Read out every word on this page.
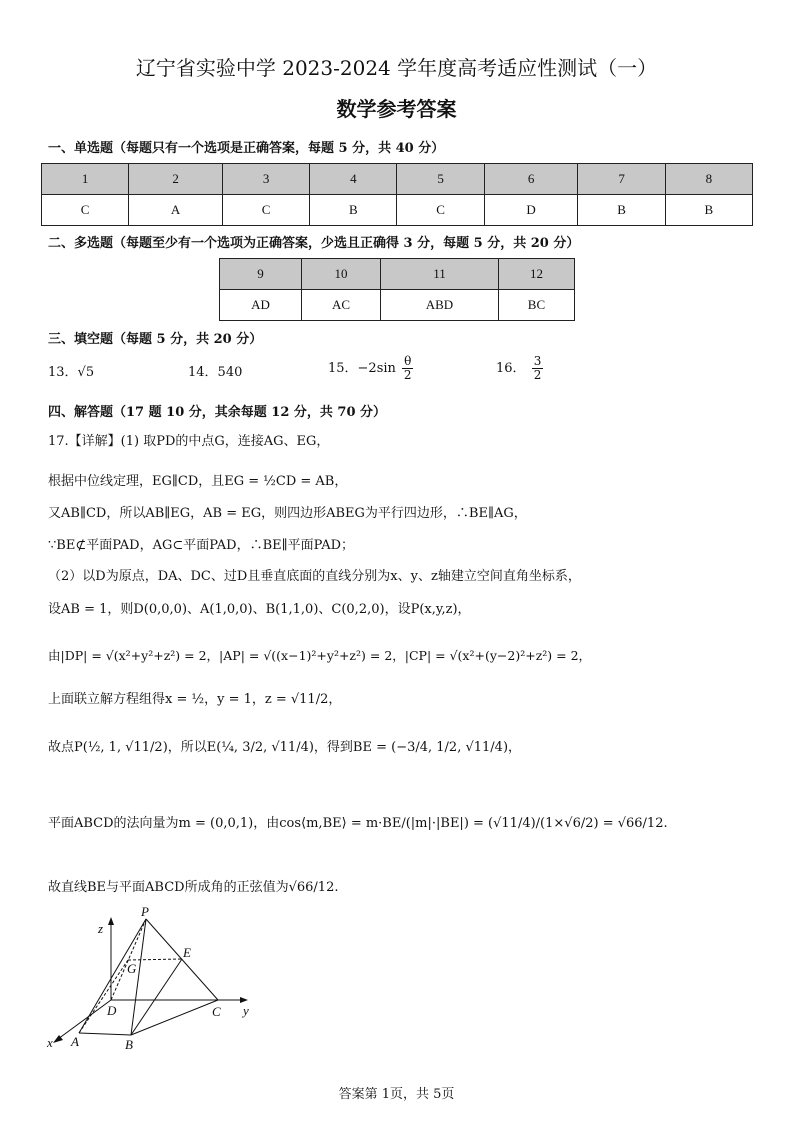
辽宁省实验中学 2023-2024 学年度高考适应性测试（一）
数学参考答案
一、单选题（每题只有一个选项是正确答案，每题 5 分，共 40 分）
1	2	3	4	5	6	7	8
C	A	C	B	C	D	B	B
二、多选题（每题至少有一个选项为正确答案，少选且正确得 3 分，每题 5 分，共 20 分）
9	10	11	12
AD	AC	ABD	BC
三、填空题（每题 5 分，共 20 分）
13．√5	14．540	15．$-2\sin \frac{\theta}{2}$	16． $\frac{3}{2}$
四、解答题（17 题 10 分，其余每题 12 分，共 70 分）
17.【详解】(1) 取PD的中点G，连接AG、EG，
根据中位线定理，EG∥CD，且EG = ½CD = AB，
又AB∥CD，所以AB∥EG，AB = EG，则四边形ABEG为平行四边形，∴BE∥AG，
∵BE⊄平面PAD，AG⊂平面PAD，∴BE∥平面PAD；
（2）以D为原点，DA、DC、过D且垂直底面的直线分别为x、y、z轴建立空间直角坐标系，
设AB = 1，则D(0,0,0)、A(1,0,0)、B(1,1,0)、C(0,2,0)，设P(x,y,z)，
由|DP| = √(x²+y²+z²) = 2，|AP| = √((x−1)²+y²+z²) = 2，|CP| = √(x²+(y−2)²+z²) = 2，
上面联立解方程组得x = ½，y = 1，z = √11/2，
故点P(½, 1, √11/2)，所以E(¼, 3/2, √11/4)，得到BE = (−3/4, 1/2, √11/4)，
平面ABCD的法向量为m = (0,0,1)，由cos⟨m,BE⟩ = m·BE/(|m|·|BE|) = (√11/4)/(1×√6/2) = √66/12.
故直线BE与平面ABCD所成角的正弦值为√66/12.
P
E
G
D	C
A	B
x
y
z
答案第 1页，共 5页
